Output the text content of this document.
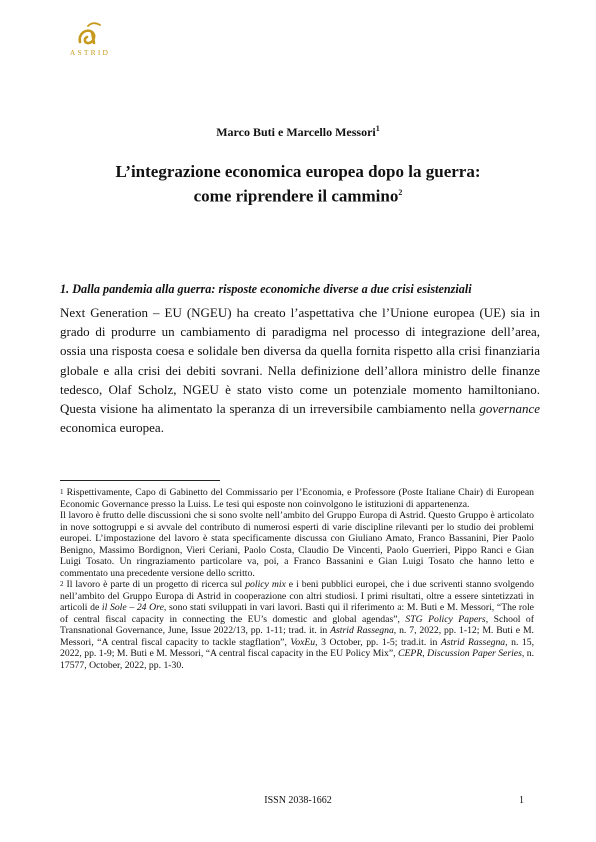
ASTRID
Marco Buti e Marcello Messori$^1$
L’integrazione economica europea dopo la guerra:
come riprendere il cammino$^2$
1. Dalla pandemia alla guerra: risposte economiche diverse a due crisi esistenziali

Next Generation – EU (NGEU) ha creato l’aspettativa che l’Unione europea (UE) sia in grado di produrre un cambiamento di paradigma nel processo di integrazione dell’area, ossia una risposta coesa e solidale ben diversa da quella fornita rispetto alla crisi finanziaria globale e alla crisi dei debiti sovrani. Nella definizione dell’allora ministro delle finanze tedesco, Olaf Scholz, NGEU è stato visto come un potenziale momento hamiltoniano. Questa visione ha alimentato la speranza di un irreversibile cambiamento nella governance economica europea.

$^1$ Rispettivamente, Capo di Gabinetto del Commissario per l’Economia, e Professore (Poste Italiane Chair) di European Economic Governance presso la Luiss. Le tesi qui esposte non coinvolgono le istituzioni di appartenenza.

Il lavoro è frutto delle discussioni che si sono svolte nell’ambito del Gruppo Europa di Astrid. Questo Gruppo è articolato in nove sottogruppi e si avvale del contributo di numerosi esperti di varie discipline rilevanti per lo studio dei problemi europei. L’impostazione del lavoro è stata specificamente discussa con Giuliano Amato, Franco Bassanini, Pier Paolo Benigno, Massimo Bordignon, Vieri Ceriani, Paolo Costa, Claudio De Vincenti, Paolo Guerrieri, Pippo Ranci e Gian Luigi Tosato. Un ringraziamento particolare va, poi, a Franco Bassanini e Gian Luigi Tosato che hanno letto e commentato una precedente versione dello scritto.

$^2$ Il lavoro è parte di un progetto di ricerca sul policy mix e i beni pubblici europei, che i due scriventi stanno svolgendo nell’ambito del Gruppo Europa di Astrid in cooperazione con altri studiosi. I primi risultati, oltre a essere sintetizzati in articoli de il Sole – 24 Ore, sono stati sviluppati in vari lavori. Basti qui il riferimento a: M. Buti e M. Messori, “The role of central fiscal capacity in connecting the EU’s domestic and global agendas”, STG Policy Papers, School of Transnational Governance, June, Issue 2022/13, pp. 1-11; trad. it. in Astrid Rassegna, n. 7, 2022, pp. 1-12; M. Buti e M. Messori, “A central fiscal capacity to tackle stagflation”, VoxEu, 3 October, pp. 1-5; trad.it. in Astrid Rassegna, n. 15, 2022, pp. 1-9; M. Buti e M. Messori, “A central fiscal capacity in the EU Policy Mix”, CEPR, Discussion Paper Series, n. 17577, October, 2022, pp. 1-30.

ISSN 2038-1662	1
